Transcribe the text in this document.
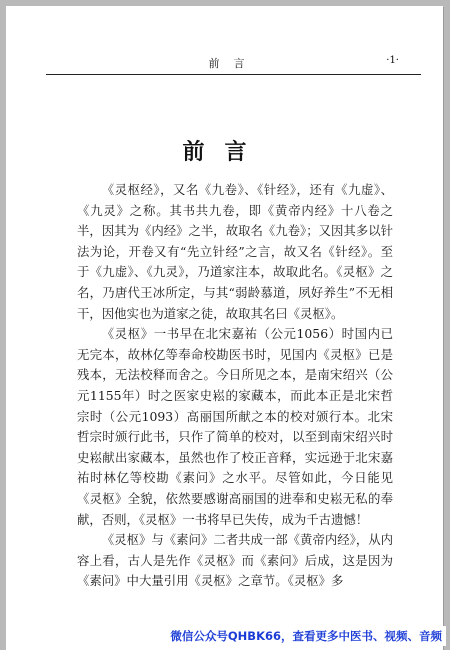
前言	·1·
前言

《灵枢经》，又名《九卷》、《针经》，还有《九虚》、《九灵》之称。其书共九卷，即《黄帝内经》十八卷之半，因其为《内经》之半，故取名《九卷》；又因其多以针法为论，开卷又有“先立针经”之言，故又名《针经》。至于《九虚》、《九灵》，乃道家注本，故取此名。《灵枢》之名，乃唐代王冰所定，与其“弱龄慕道，夙好养生”不无相干，因他实也为道家之徒，故取其名曰《灵枢》。

《灵枢》一书早在北宋嘉祐（公元1056）时国内已无完本，故林亿等奉命校勘医书时，见国内《灵枢》已是残本，无法校释而舍之。今日所见之本，是南宋绍兴（公元1155年）时之医家史崧的家藏本，而此本正是北宋哲宗时（公元1093）高丽国所献之本的校对颁行本。北宋哲宗时颁行此书，只作了简单的校对，以至到南宋绍兴时史崧献出家藏本，虽然也作了校正音释，实远逊于北宋嘉祐时林亿等校勘《素问》之水平。尽管如此，今日能见《灵枢》全貌，依然要感谢高丽国的进奉和史崧无私的奉献，否则，《灵枢》一书将早已失传，成为千古遗憾！

《灵枢》与《素问》二者共成一部《黄帝内经》，从内容上看，古人是先作《灵枢》而《素问》后成，这是因为《素问》中大量引用《灵枢》之章节。《灵枢》多

微信公众号QHBK66，查看更多中医书、视频、音频
